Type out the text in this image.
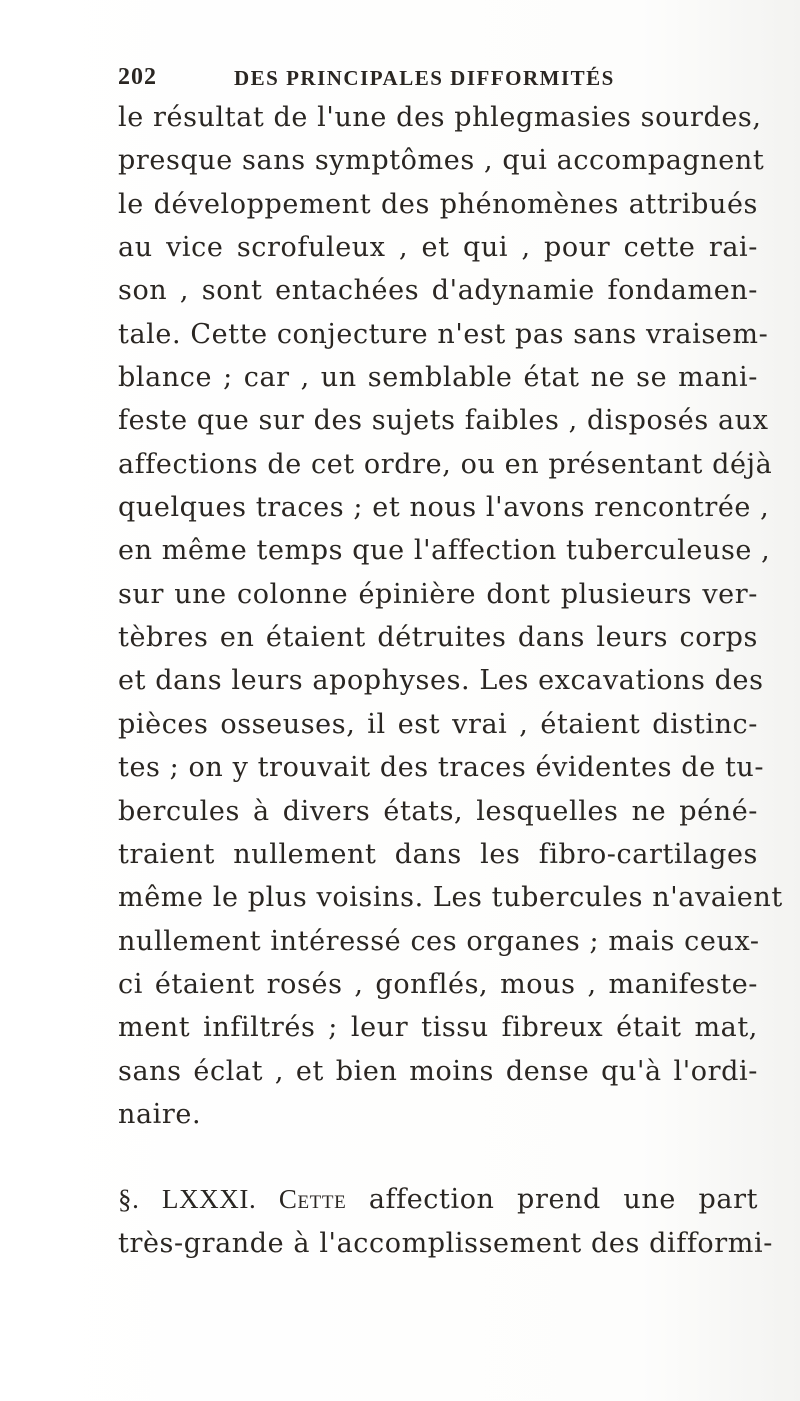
202	DES PRINCIPALES DIFFORMITÉS
le résultat de l'une des phlegmasies sourdes,
presque sans symptômes , qui accompagnent
le développement des phénomènes attribués
au vice scrofuleux , et qui , pour cette rai-
son , sont entachées d'adynamie fondamen-
tale. Cette conjecture n'est pas sans vraisem-
blance ; car , un semblable état ne se mani-
feste que sur des sujets faibles , disposés aux
affections de cet ordre, ou en présentant déjà
quelques traces ; et nous l'avons rencontrée ,
en même temps que l'affection tuberculeuse ,
sur une colonne épinière dont plusieurs ver-
tèbres en étaient détruites dans leurs corps
et dans leurs apophyses. Les excavations des
pièces osseuses, il est vrai , étaient distinc-
tes ; on y trouvait des traces évidentes de tu-
bercules à divers états, lesquelles ne péné-
traient nullement dans les fibro-cartilages
même le plus voisins. Les tubercules n'avaient
nullement intéressé ces organes ; mais ceux-
ci étaient rosés , gonflés, mous , manifeste-
ment infiltrés ; leur tissu fibreux était mat,
sans éclat , et bien moins dense qu'à l'ordi-
naire.
§. LXXXI. Cette affection prend une part
très-grande à l'accomplissement des difformi-
